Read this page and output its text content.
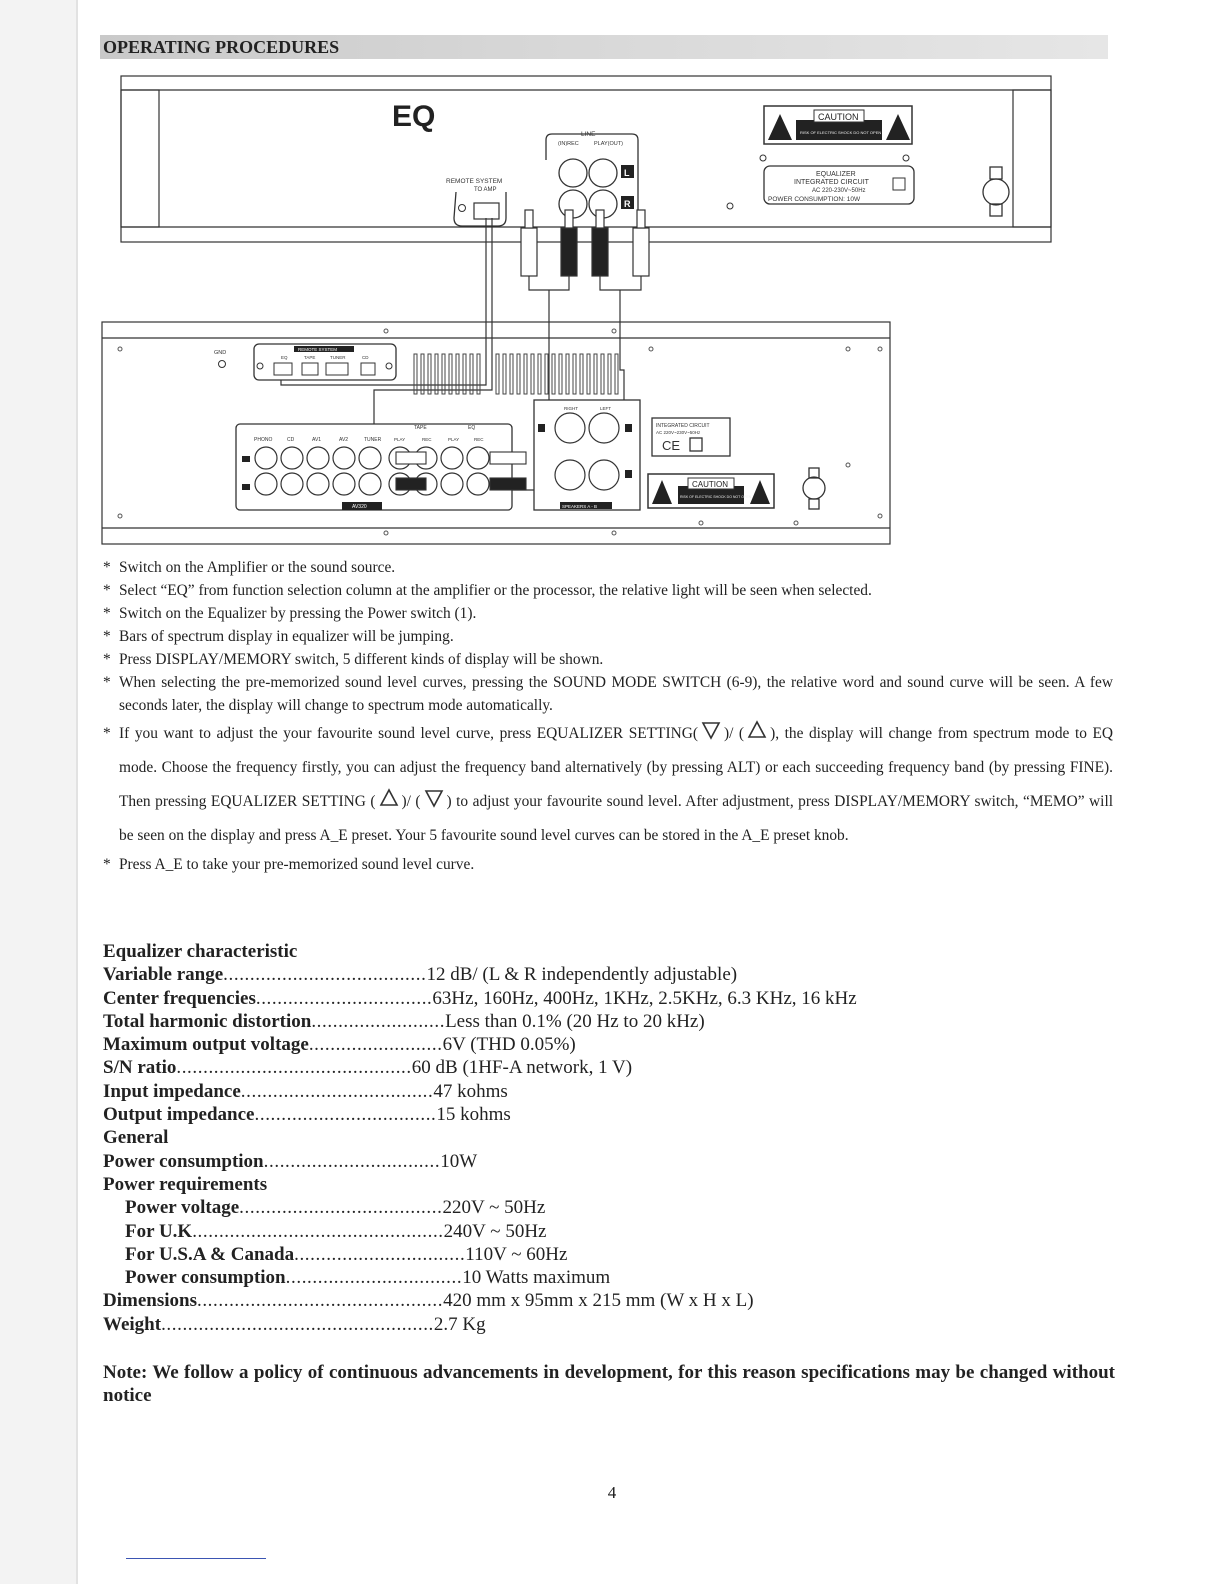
OPERATING PROCEDURES
EQ
REMOTE SYSTEM
TO AMP
LINE
(IN)REC	PLAY(OUT)
L
R
CAUTION
RISK OF ELECTRIC SHOCK DO NOT OPEN
EQUALIZER
INTEGRATED CIRCUIT
AC 220-230V~50Hz
POWER CONSUMPTION: 10W
GND
REMOTE SYSTEM
EQ	TAPE	TUNER	CD
PHONO	CD	AV1	AV2	TUNER
TAPE	EQ
PLAY	REC	PLAY	REC
AV320
RIGHT	LEFT
SPEAKERS A - B
INTEGRATED CIRCUIT
AC 220V~230V~50Hz
CE
CAUTION
RISK OF ELECTRIC SHOCK DO NOT OPEN

* Switch on the Amplifier or the sound source.

* Select “EQ” from function selection column at the amplifier or the processor, the relative light will be seen when selected.

* Switch on the Equalizer by pressing the Power switch (1).

* Bars of spectrum display in equalizer will be jumping.

* Press DISPLAY/MEMORY switch, 5 different kinds of display will be shown.

* When selecting the pre-memorized sound level curves, pressing the SOUND MODE SWITCH (6-9), the relative word and sound curve will be seen. A few seconds later, the display will change to spectrum mode automatically.

* If you want to adjust the your favourite sound level curve, press EQUALIZER SETTING( )/ ( ), the display will change from spectrum mode to EQ mode. Choose the frequency firstly, you can adjust the frequency band alternatively (by pressing ALT) or each succeeding frequency band (by pressing FINE). Then pressing EQUALIZER SETTING ( )/ ( ) to adjust your favourite sound level. After adjustment, press DISPLAY/MEMORY switch, “MEMO” will be seen on the display and press A_E preset. Your 5 favourite sound level curves can be stored in the A_E preset knob.

* Press A_E to take your pre-memorized sound level curve.

Equalizer characteristic
Variable range ...................................... 12 dB/ (L & R independently adjustable)
Center frequencies ................................. 63Hz, 160Hz, 400Hz, 1KHz, 2.5KHz, 6.3 KHz, 16 kHz
Total harmonic distortion ......................... Less than 0.1% (20 Hz to 20 kHz)
Maximum output voltage ......................... 6V (THD 0.05%)
S/N ratio ............................................ 60 dB (1HF-A network, 1 V)
Input impedance .................................... 47 kohms
Output impedance .................................. 15 kohms
General
Power consumption ................................. 10W
Power requirements
Power voltage ...................................... 220V ~ 50Hz
For U.K ............................................... 240V ~ 50Hz
For U.S.A & Canada ................................ 110V ~ 60Hz
Power consumption ................................. 10 Watts maximum
Dimensions .............................................. 420 mm x 95mm x 215 mm (W x H x L)
Weight ................................................... 2.7 Kg
Note: We follow a policy of continuous advancements in development, for this reason specifications may be changed without notice
4
